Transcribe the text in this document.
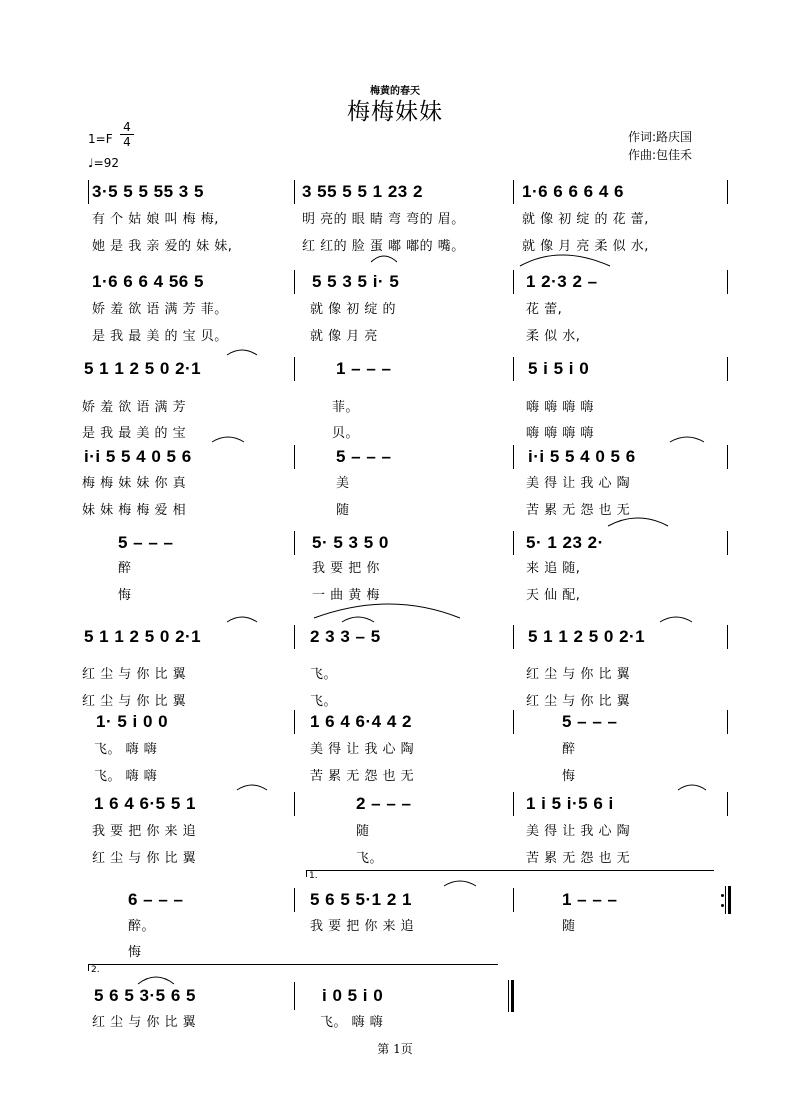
梅黄的春天
梅梅妹妹
1=F
4
4
♩=92
作词:路庆国
作曲:包佳禾
3·5 5 5 55 3 5	3 55 5 5 1 23 2	1·6 6 6 6 4 6
有 个 姑 娘 叫 梅 梅,	明 亮的 眼 睛 弯 弯的 眉。	就 像 初 绽 的 花 蕾,
她 是 我 亲 爱的 妹 妹,	红 红的 脸 蛋 嘟 嘟的 嘴。	就 像 月 亮 柔 似 水,
1·6 6 6 4 56 5	5 5 3 5 i· 5	1 2·3 2 –
娇 羞 欲 语 满 芳 菲。	就 像 初 绽 的	花 蕾,
是 我 最 美 的 宝 贝。	就 像 月 亮	柔 似 水,
5 1 1 2 5 0 2·1	1 – – –	5 i 5 i 0
娇 羞 欲 语 满 芳	菲。	嗨 嗨 嗨 嗨
是 我 最 美 的 宝	贝。	嗨 嗨 嗨 嗨
i·i 5 5 4 0 5 6	5 – – –	i·i 5 5 4 0 5 6
梅 梅 妹 妹 你 真	美	美 得 让 我 心 陶
妹 妹 梅 梅 爱 相	随	苦 累 无 怨 也 无
5 – – –	5· 5 3 5 0	5· 1 23 2·
醉	我 要 把 你	来 追 随,
悔	一 曲 黄 梅	天 仙 配,
5 1 1 2 5 0 2·1	2 3 3 – 5	5 1 1 2 5 0 2·1
红 尘 与 你 比 翼	飞。	红 尘 与 你 比 翼
红 尘 与 你 比 翼	飞。	红 尘 与 你 比 翼
1· 5 i 0 0	1 6 4 6·4 4 2	5 – – –
飞。 嗨 嗨	美 得 让 我 心 陶	醉
飞。 嗨 嗨	苦 累 无 怨 也 无	悔
1 6 4 6·5 5 1	2 – – –	1 i 5 i·5 6 i
我 要 把 你 来 追	随	美 得 让 我 心 陶
红 尘 与 你 比 翼	飞。	苦 累 无 怨 也 无
1.
6 – – –	5 6 5 5·1 2 1	1 – – –
醉。	我 要 把 你 来 追	随
悔
2.
5 6 5 3·5 6 5	i 0 5 i 0
红 尘 与 你 比 翼	飞。 嗨 嗨
第 1页
